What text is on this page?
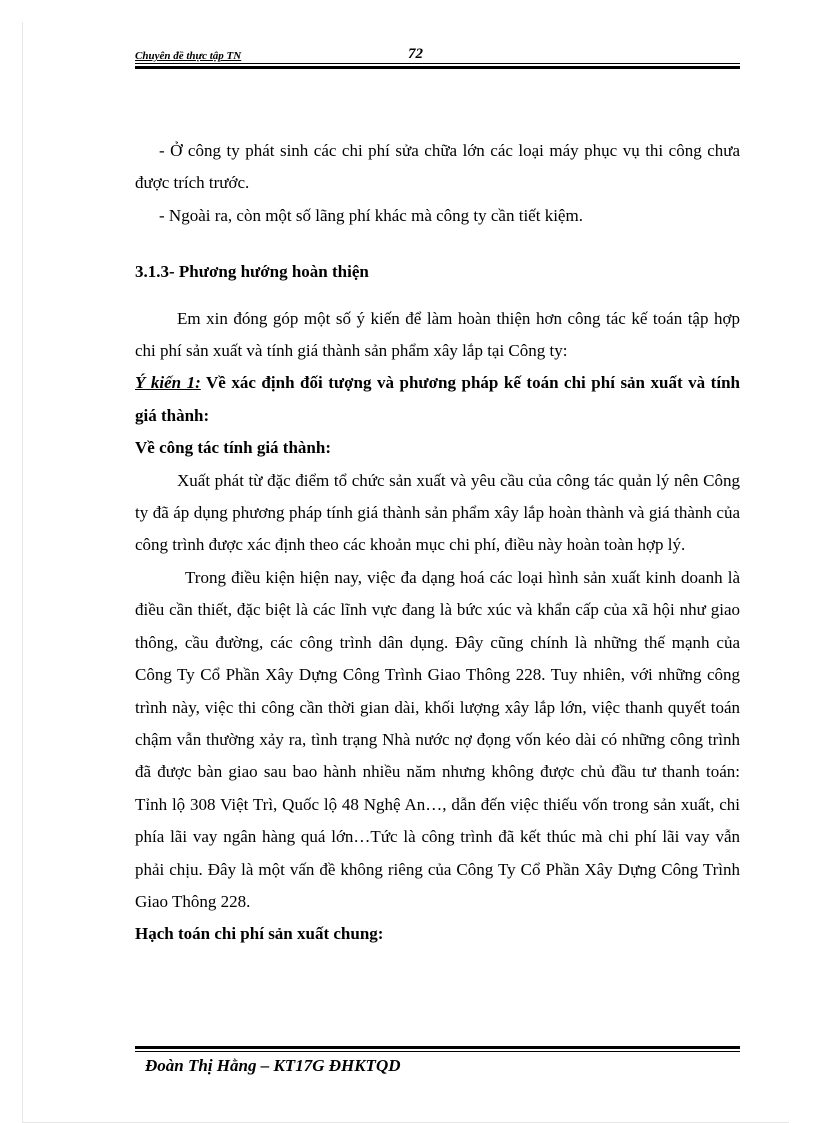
Chuyên đề thực tập TN	72

- Ở công ty phát sinh các chi phí sửa chữa lớn các loại máy phục vụ thi công chưa được trích trước.

- Ngoài ra, còn một số lãng phí khác mà công ty cần tiết kiệm.

3.1.3- Phương hướng hoàn thiện

Em xin đóng góp một số ý kiến để làm hoàn thiện hơn công tác kế toán tập hợp chi phí sản xuất và tính giá thành sản phẩm xây lắp tại Công ty:

Ý kiến 1: Về xác định đối tượng và phương pháp kế toán chi phí sản xuất và tính giá thành:

Về công tác tính giá thành:

Xuất phát từ đặc điểm tổ chức sản xuất và yêu cầu của công tác quản lý nên Công ty đã áp dụng phương pháp tính giá thành sản phẩm xây lắp hoàn thành và giá thành của công trình được xác định theo các khoản mục chi phí, điều này hoàn toàn hợp lý.

Trong điều kiện hiện nay, việc đa dạng hoá các loại hình sản xuất kinh doanh là điều cần thiết, đặc biệt là các lĩnh vực đang là bức xúc và khẩn cấp của xã hội như giao thông, cầu đường, các công trình dân dụng. Đây cũng chính là những thế mạnh của Công Ty Cổ Phần Xây Dựng Công Trình Giao Thông 228. Tuy nhiên, với những công trình này, việc thi công cần thời gian dài, khối lượng xây lắp lớn, việc thanh quyết toán chậm vẫn thường xảy ra, tình trạng Nhà nước nợ đọng vốn kéo dài có những công trình đã được bàn giao sau bao hành nhiều năm nhưng không được chủ đầu tư thanh toán: Tỉnh lộ 308 Việt Trì, Quốc lộ 48 Nghệ An…, dẫn đến việc thiếu vốn trong sản xuất, chi phía lãi vay ngân hàng quá lớn…Tức là công trình đã kết thúc mà chi phí lãi vay vẫn phải chịu. Đây là một vấn đề không riêng của Công Ty Cổ Phần Xây Dựng Công Trình Giao Thông 228.

Hạch toán chi phí sản xuất chung:

Đoàn Thị Hằng – KT17G ĐHKTQD
